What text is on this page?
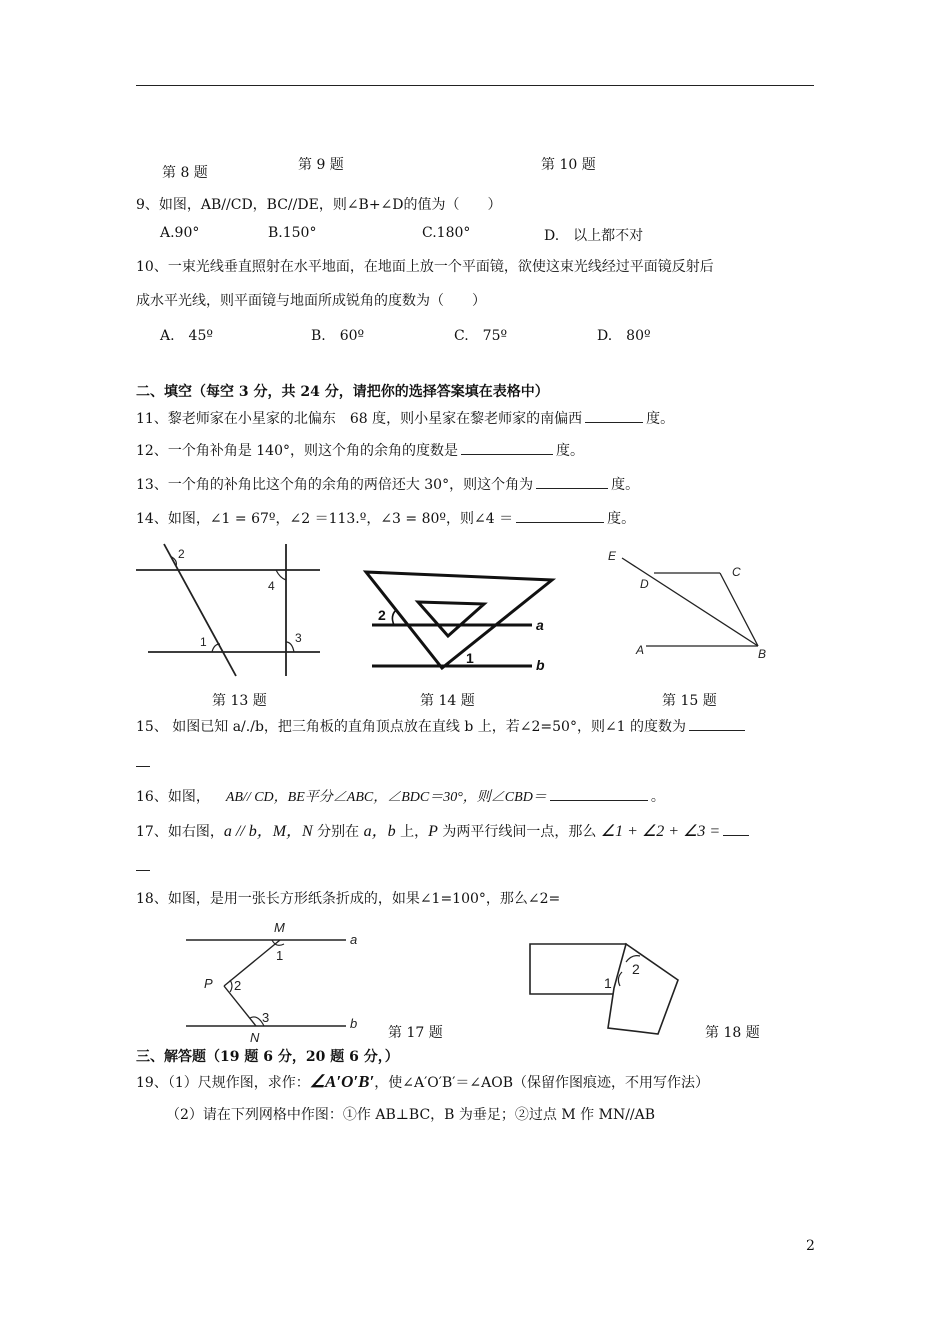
第 8 题	第 9 题	第 10 题
9、如图，AB//CD，BC//DE，则∠B+∠D的值为（　　）
A.90°	B.150°	C.180°	D.　以上都不对
10、一束光线垂直照射在水平地面，在地面上放一个平面镜，欲使这束光线经过平面镜反射后
成水平光线，则平面镜与地面所成锐角的度数为（　　）
A.　45º	B.　60º	C.　75º	D.　80º
二、填空（每空 3 分，共 24 分，请把你的选择答案填在表格中）
11、黎老师家在小星家的北偏东　68 度，则小星家在黎老师家的南偏西	度。
12、一个角补角是 140°，则这个角的余角的度数是	度。
13、一个角的补角比这个角的余角的两倍还大 30°，则这个角为	度。
14、如图，∠1 = 67º，∠2 ＝113.º，∠3 = 80º，则∠4 ＝	度。
2
4
1	3
第 13 题
2
a
1	b
第 14 题
E
D
C
A	B
第 15 题
15、 如图已知 a/./b，把三角板的直角顶点放在直线 b 上，若∠2=50°，则∠1 的度数为
16、如图， AB// CD，BE平分∠ABC，∠BDC＝30°，则∠CBD＝	。
17、如右图，a // b，M，N 分别在 a，b 上，P 为两平行线间一点，那么 ∠1 + ∠2 + ∠3 =
18、如图，是用一张长方形纸条折成的，如果∠1=100°，那么∠2=
M
a
1
P 2
3	b
N	第 17 题
1
2
第 18 题
三、解答题（19 题 6 分，20 题 6 分，）
19、（1）尺规作图，求作：∠A′O′B′，使∠A′O′B′＝∠AOB（保留作图痕迹，不用写作法）
（2）请在下列网格中作图：①作 AB⊥BC，B 为垂足；②过点 M 作 MN//AB
2
